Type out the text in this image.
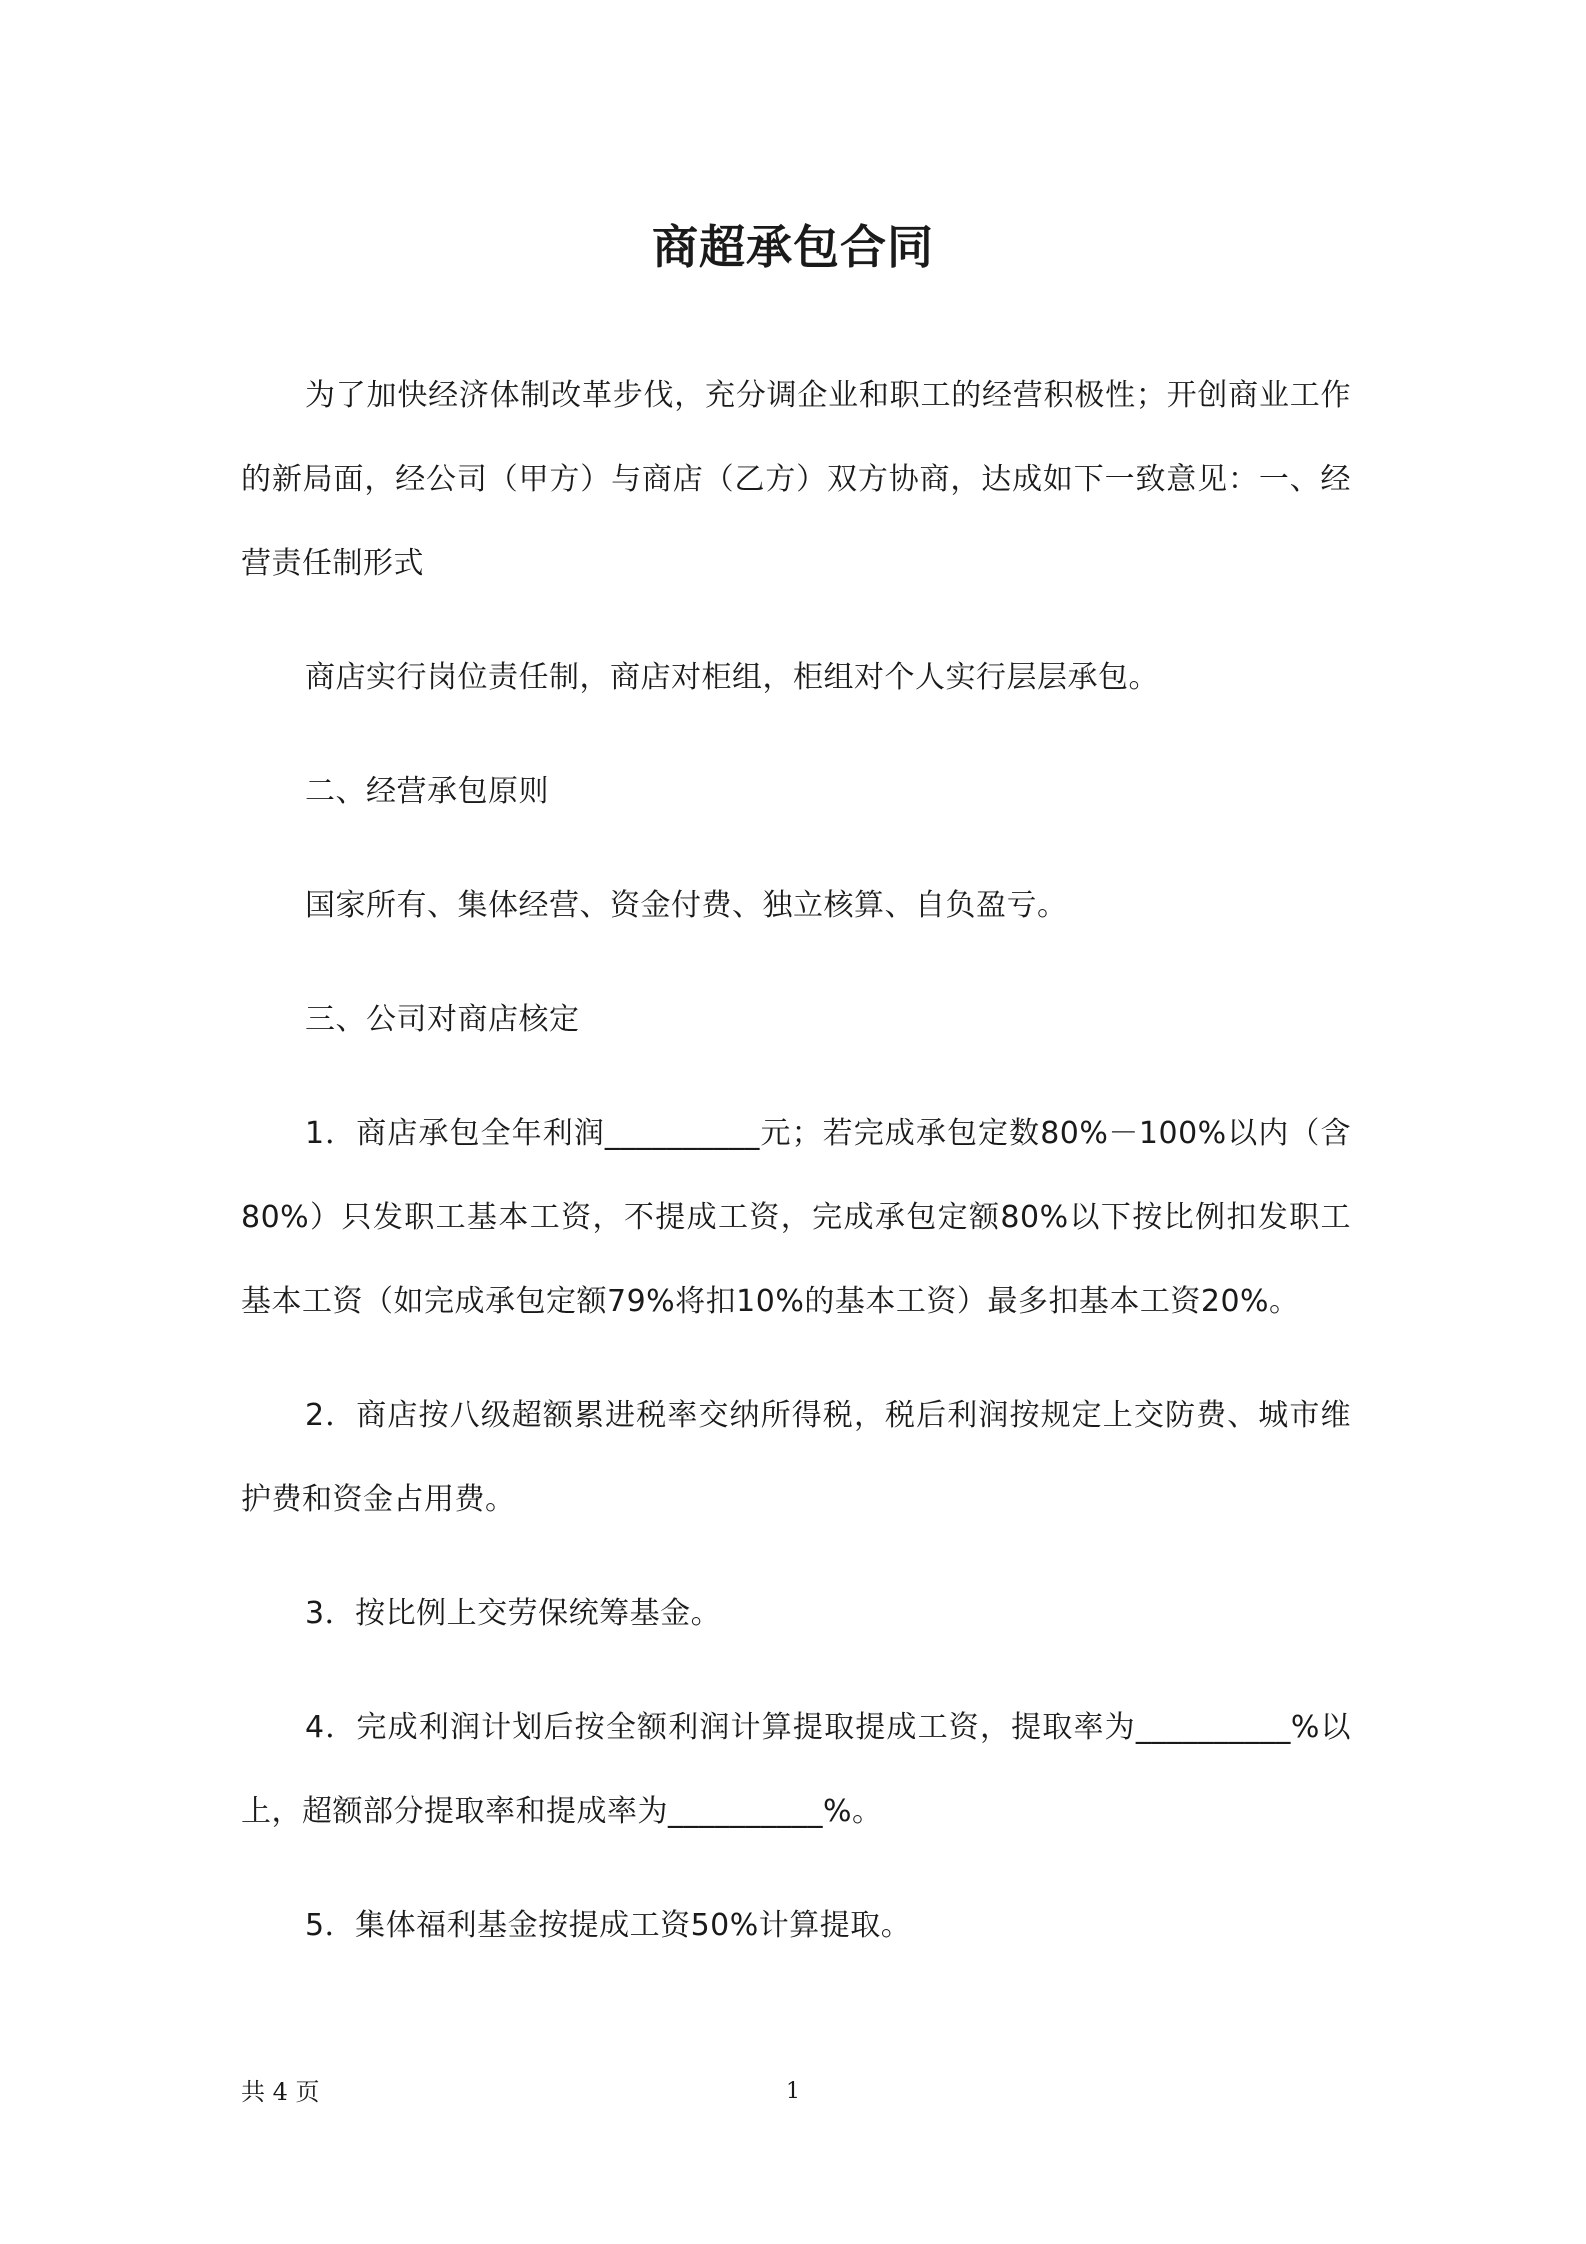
商超承包合同

为了加快经济体制改革步伐，充分调企业和职工的经营积极性；开创商业工作的新局面，经公司（甲方）与商店（乙方）双方协商，达成如下一致意见：一、经营责任制形式

商店实行岗位责任制，商店对柜组，柜组对个人实行层层承包。

二、经营承包原则

国家所有、集体经营、资金付费、独立核算、自负盈亏。

三、公司对商店核定

1．商店承包全年利润__________元；若完成承包定数80%－100%以内（含80%）只发职工基本工资，不提成工资，完成承包定额80%以下按比例扣发职工基本工资（如完成承包定额79%将扣10%的基本工资）最多扣基本工资20%。

2．商店按八级超额累进税率交纳所得税，税后利润按规定上交防费、城市维护费和资金占用费。

3．按比例上交劳保统筹基金。

4．完成利润计划后按全额利润计算提取提成工资，提取率为__________%以上，超额部分提取率和提成率为__________%。

5．集体福利基金按提成工资50%计算提取。

共 4 页	1
